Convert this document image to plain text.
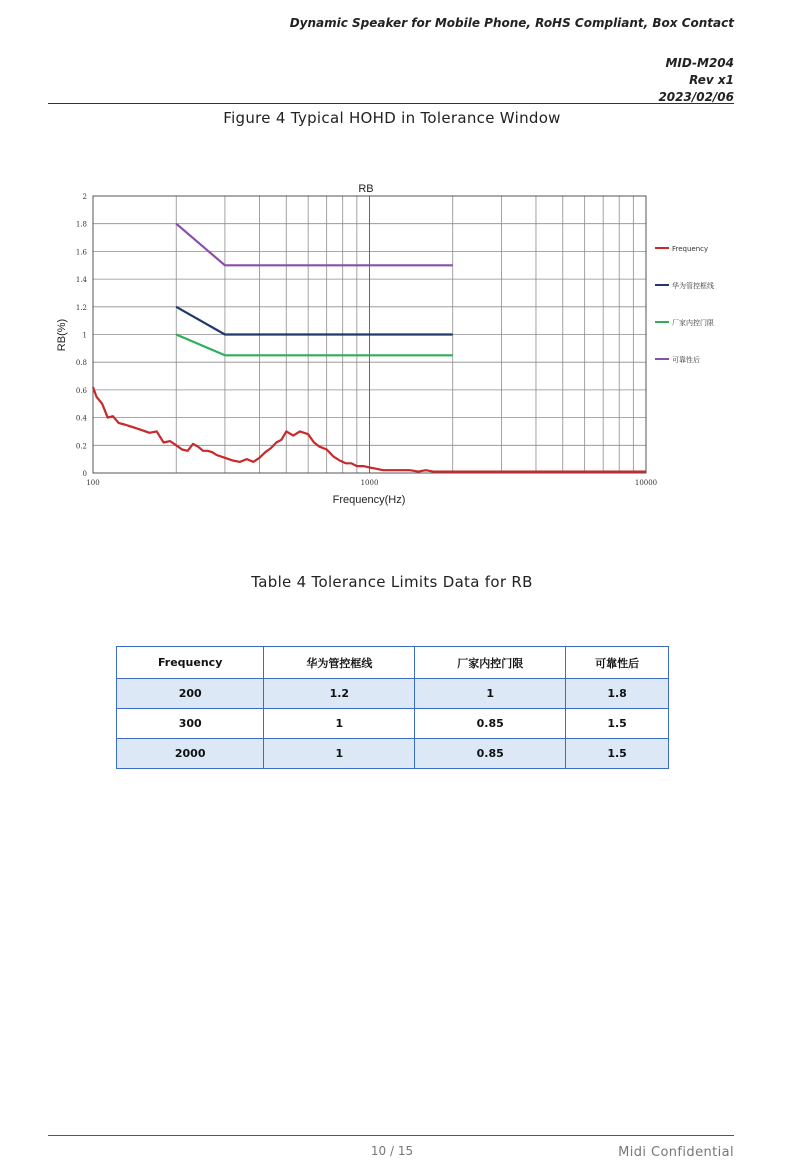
Dynamic Speaker for Mobile Phone, RoHS Compliant, Box Contact
MID-M204
Rev x1
2023/02/06
Figure 4 Typical HOHD in Tolerance Window
0
0.2
0.4
0.6
0.8
1
1.2
1.4
1.6
1.8
2
100	1000	10000
RB
Frequency(Hz)
RB(%)
Frequency
华为管控框线
厂家内控门限
可靠性后
Table 4 Tolerance Limits Data for RB
Frequency	华为管控框线	厂家内控门限	可靠性后
200	1.2	1	1.8
300	1	0.85	1.5
2000	1	0.85	1.5
10 / 15	Midi Confidential
